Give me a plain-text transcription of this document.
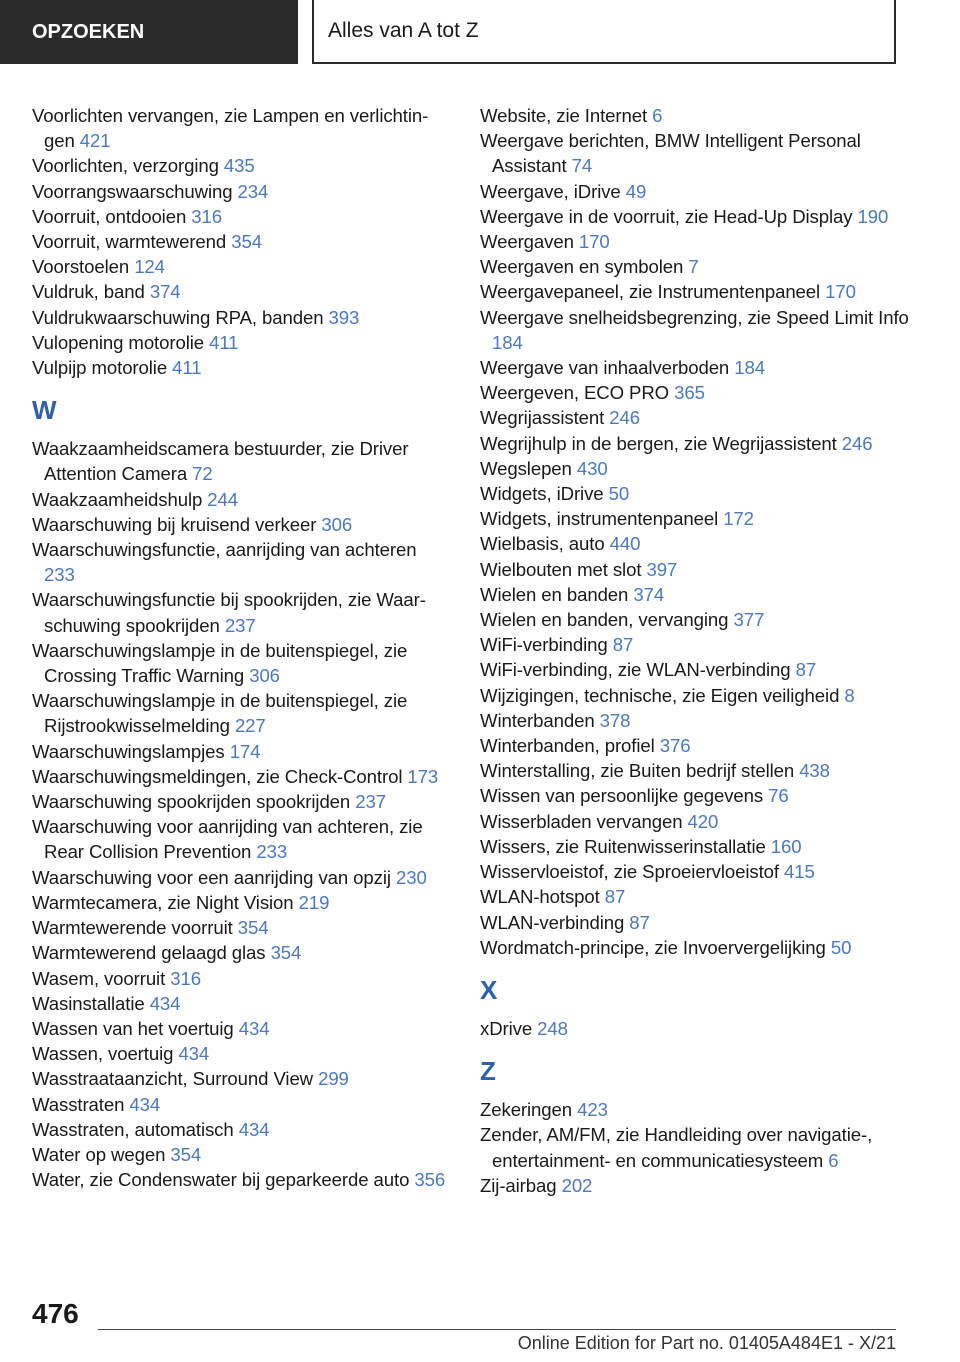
OPZOEKEN	Alles van A tot Z
Voorlichten vervangen, zie Lampen en verlichtingen 421
Voorlichten, verzorging 435
Voorrangswaarschuwing 234
Voorruit, ontdooien 316
Voorruit, warmtewerend 354
Voorstoelen 124
Vuldruk, band 374
Vuldrukwaarschuwing RPA, banden 393
Vulopening motorolie 411
Vulpijp motorolie 411
W
Waakzaamheidscamera bestuurder, zie Driver Attention Camera 72
Waakzaamheidshulp 244
Waarschuwing bij kruisend verkeer 306
Waarschuwingsfunctie, aanrijding van achteren 233
Waarschuwingsfunctie bij spookrijden, zie Waarschuwing spookrijden 237
Waarschuwingslampje in de buitenspiegel, zie Crossing Traffic Warning 306
Waarschuwingslampje in de buitenspiegel, zie Rijstrookwisselmelding 227
Waarschuwingslampjes 174
Waarschuwingsmeldingen, zie Check-Control 173
Waarschuwing spookrijden spookrijden 237
Waarschuwing voor aanrijding van achteren, zie Rear Collision Prevention 233
Waarschuwing voor een aanrijding van opzij 230
Warmtecamera, zie Night Vision 219
Warmtewerende voorruit 354
Warmtewerend gelaagd glas 354
Wasem, voorruit 316
Wasinstallatie 434
Wassen van het voertuig 434
Wassen, voertuig 434
Wasstraataanzicht, Surround View 299
Wasstraten 434
Wasstraten, automatisch 434
Water op wegen 354
Water, zie Condenswater bij geparkeerde auto 356
Website, zie Internet 6
Weergave berichten, BMW Intelligent Personal Assistant 74
Weergave, iDrive 49
Weergave in de voorruit, zie Head-Up Display 190
Weergaven 170
Weergaven en symbolen 7
Weergavepaneel, zie Instrumentenpaneel 170
Weergave snelheidsbegrenzing, zie Speed Limit Info 184
Weergave van inhaalverboden 184
Weergeven, ECO PRO 365
Wegrijassistent 246
Wegrijhulp in de bergen, zie Wegrijassistent 246
Wegslepen 430
Widgets, iDrive 50
Widgets, instrumentenpaneel 172
Wielbasis, auto 440
Wielbouten met slot 397
Wielen en banden 374
Wielen en banden, vervanging 377
WiFi-verbinding 87
WiFi-verbinding, zie WLAN-verbinding 87
Wijzigingen, technische, zie Eigen veiligheid 8
Winterbanden 378
Winterbanden, profiel 376
Winterstalling, zie Buiten bedrijf stellen 438
Wissen van persoonlijke gegevens 76
Wisserbladen vervangen 420
Wissers, zie Ruitenwisserinstallatie 160
Wisservloeistof, zie Sproeiervloeistof 415
WLAN-hotspot 87
WLAN-verbinding 87
Wordmatch-principe, zie Invoervergelijking 50
X
xDrive 248
Z
Zekeringen 423
Zender, AM/FM, zie Handleiding over navigatie-, entertainment- en communicatiesysteem 6
Zij-airbag 202
476
Online Edition for Part no. 01405A484E1 - X/21
